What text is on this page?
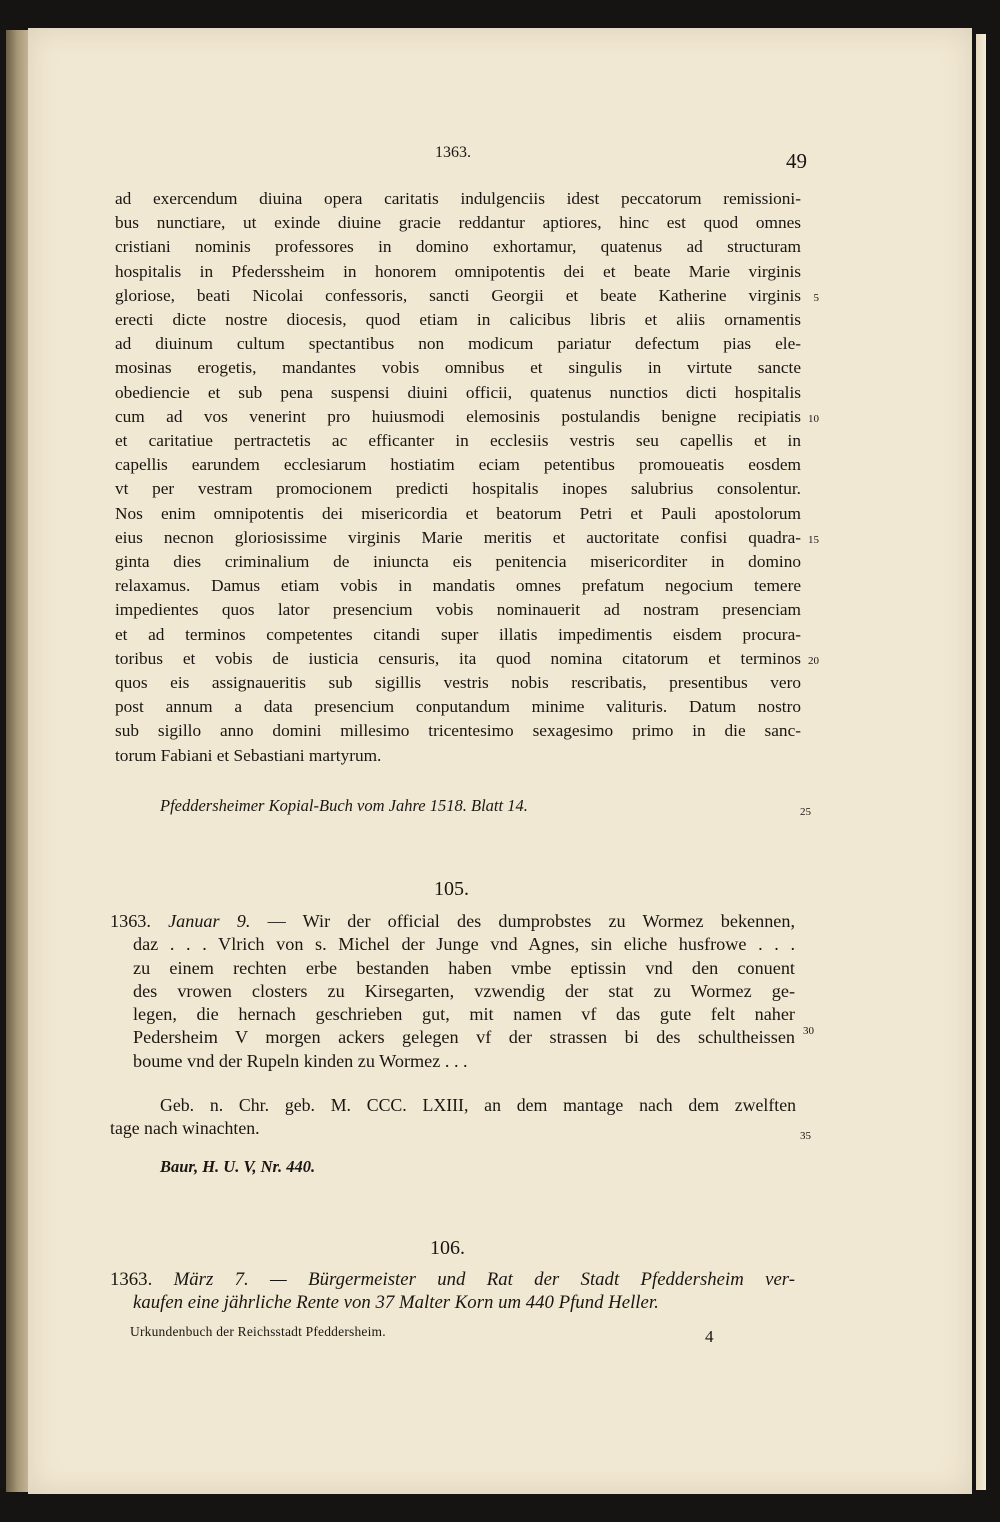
1363.	49
ad exercendum diuina opera caritatis indulgenciis idest peccatorum remissioni-
bus nunctiare, ut exinde diuine gracie reddantur aptiores, hinc est quod omnes
cristiani nominis professores in domino exhortamur, quatenus ad structuram
hospitalis in Pfederssheim in honorem omnipotentis dei et beate Marie virginis
gloriose, beati Nicolai confessoris, sancti Georgii et beate Katherine virginis 5
erecti dicte nostre diocesis, quod etiam in calicibus libris et aliis ornamentis
ad diuinum cultum spectantibus non modicum pariatur defectum pias ele-
mosinas erogetis, mandantes vobis omnibus et singulis in virtute sancte
obediencie et sub pena suspensi diuini officii, quatenus nunctios dicti hospitalis
cum ad vos venerint pro huiusmodi elemosinis postulandis benigne recipiatis 10
et caritatiue pertractetis ac efficanter in ecclesiis vestris seu capellis et in
capellis earundem ecclesiarum hostiatim eciam petentibus promoueatis eosdem
vt per vestram promocionem predicti hospitalis inopes salubrius consolentur.
Nos enim omnipotentis dei misericordia et beatorum Petri et Pauli apostolorum
eius necnon gloriosissime virginis Marie meritis et auctoritate confisi quadra- 15
ginta dies criminalium de iniuncta eis penitencia misericorditer in domino
relaxamus. Damus etiam vobis in mandatis omnes prefatum negocium temere
impedientes quos lator presencium vobis nominauerit ad nostram presenciam
et ad terminos competentes citandi super illatis impedimentis eisdem procura-
toribus et vobis de iusticia censuris, ita quod nomina citatorum et terminos 20
quos eis assignaueritis sub sigillis vestris nobis rescribatis, presentibus vero
post annum a data presencium conputandum minime valituris. Datum nostro
sub sigillo anno domini millesimo tricentesimo sexagesimo primo in die sanc-
torum Fabiani et Sebastiani martyrum.
Pfeddersheimer Kopial-Buch vom Jahre 1518. Blatt 14.	25
105.
1363. Januar 9. — Wir der official des dumprobstes zu Wormez bekennen,
daz . . . Vlrich von s. Michel der Junge vnd Agnes, sin eliche husfrowe . . .
zu einem rechten erbe bestanden haben vmbe eptissin vnd den conuent
des vrowen closters zu Kirsegarten, vzwendig der stat zu Wormez ge-
legen, die hernach geschrieben gut, mit namen vf das gute felt naher
Pedersheim V morgen ackers gelegen vf der strassen bi des schultheissen
boume vnd der Rupeln kinden zu Wormez . . .
30
Geb. n. Chr. geb. M. CCC. LXIII, an dem mantage nach dem zwelften
tage nach winachten.	35
Baur, H. U. V, Nr. 440.
106.
1363. März 7. — Bürgermeister und Rat der Stadt Pfeddersheim ver-
kaufen eine jährliche Rente von 37 Malter Korn um 440 Pfund Heller.
Urkundenbuch der Reichsstadt Pfeddersheim.	4
